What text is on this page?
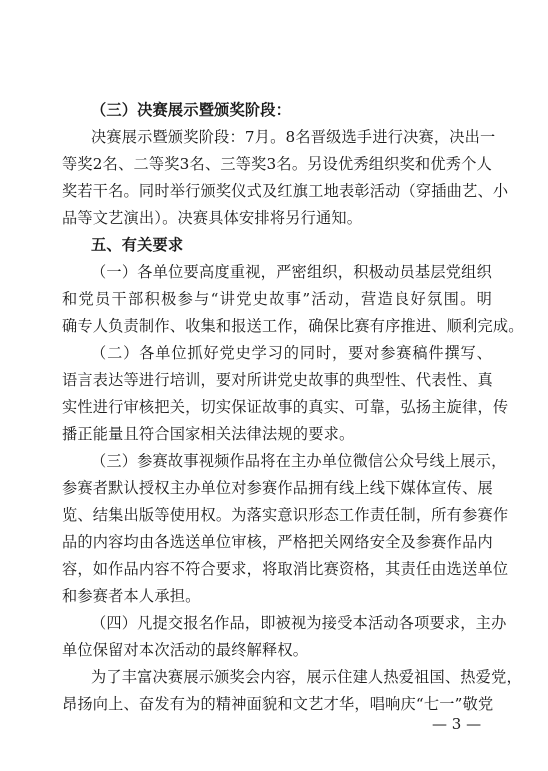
（三）决赛展示暨颁奖阶段：
决赛展示暨颁奖阶段：7月。8名晋级选手进行决赛，决出一
等奖2名、二等奖3名、三等奖3名。另设优秀组织奖和优秀个人
奖若干名。同时举行颁奖仪式及红旗工地表彰活动（穿插曲艺、小
品等文艺演出）。决赛具体安排将另行通知。
五、有关要求
（一）各单位要高度重视，严密组织，积极动员基层党组织
和党员干部积极参与“讲党史故事”活动，营造良好氛围。明
确专人负责制作、收集和报送工作，确保比赛有序推进、顺利完成。
（二）各单位抓好党史学习的同时，要对参赛稿件撰写、
语言表达等进行培训，要对所讲党史故事的典型性、代表性、真
实性进行审核把关，切实保证故事的真实、可靠，弘扬主旋律，传
播正能量且符合国家相关法律法规的要求。
（三）参赛故事视频作品将在主办单位微信公众号线上展示，
参赛者默认授权主办单位对参赛作品拥有线上线下媒体宣传、展
览、结集出版等使用权。为落实意识形态工作责任制，所有参赛作
品的内容均由各选送单位审核，严格把关网络安全及参赛作品内
容，如作品内容不符合要求，将取消比赛资格，其责任由选送单位
和参赛者本人承担。
（四）凡提交报名作品，即被视为接受本活动各项要求，主办
单位保留对本次活动的最终解释权。
为了丰富决赛展示颁奖会内容，展示住建人热爱祖国、热爱党，
昂扬向上、奋发有为的精神面貌和文艺才华，唱响庆“七一”敬党
— 3 —
